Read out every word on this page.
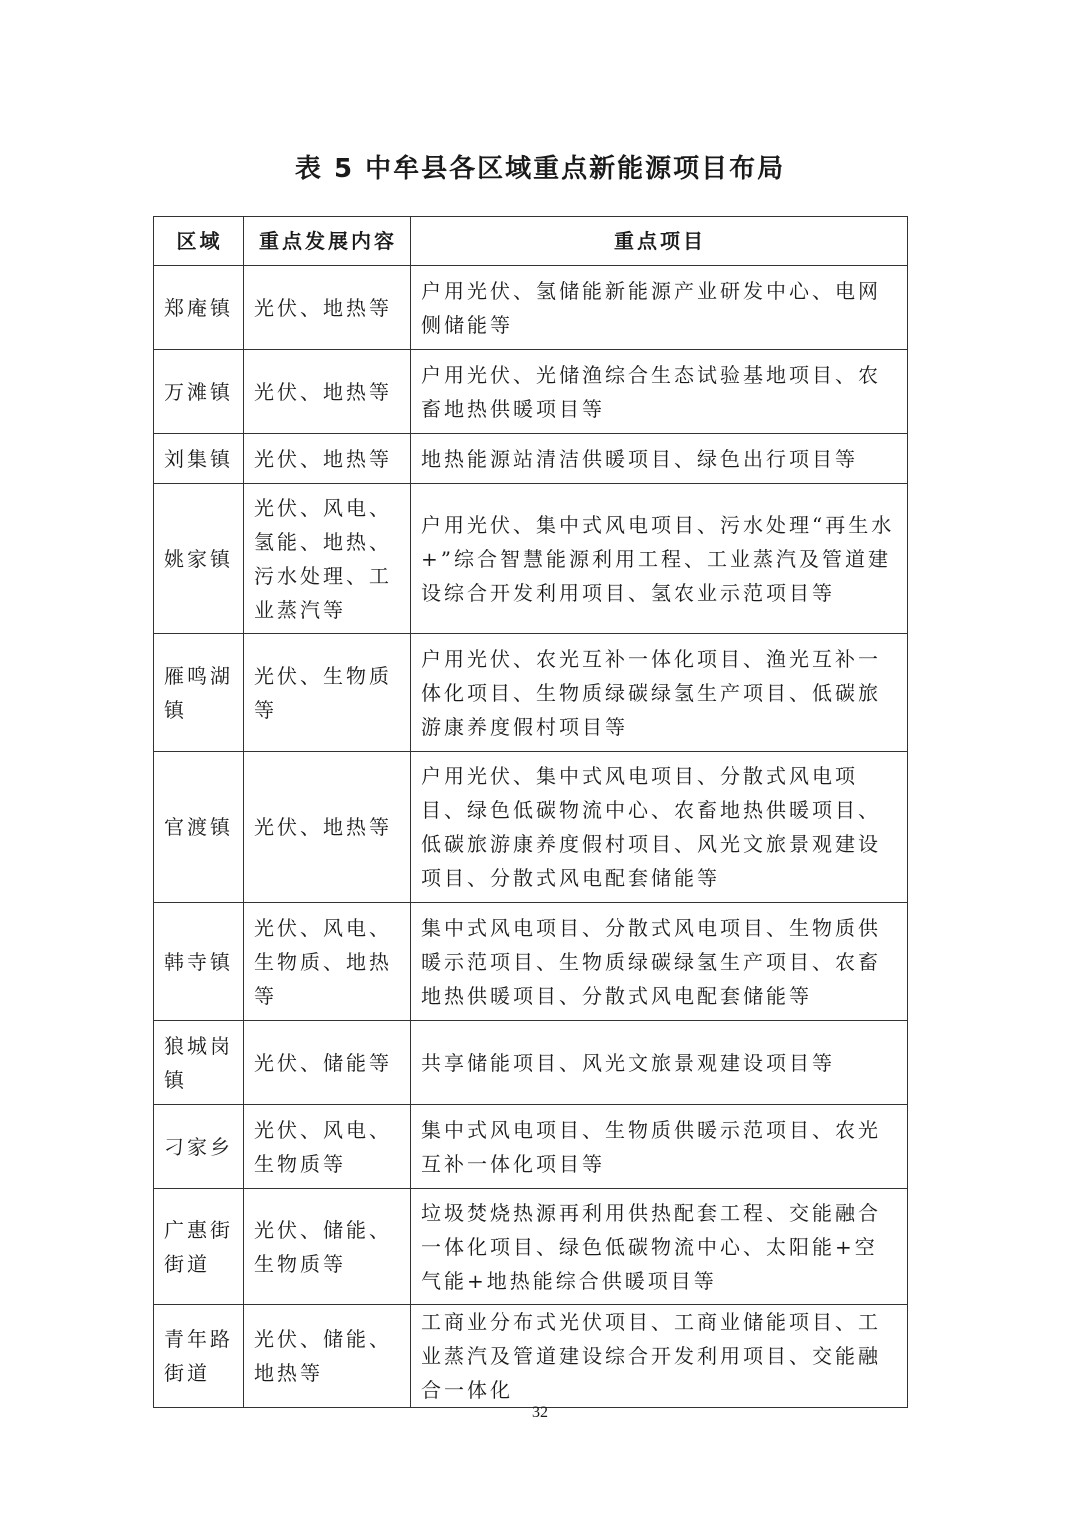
表 5 中牟县各区域重点新能源项目布局
区域	重点发展内容	重点项目
郑庵镇	光伏、地热等	户用光伏、氢储能新能源产业研发中心、电网侧储能等
万滩镇	光伏、地热等	户用光伏、光储渔综合生态试验基地项目、农畜地热供暖项目等
刘集镇	光伏、地热等	地热能源站清洁供暖项目、绿色出行项目等
姚家镇	光伏、风电、氢能、地热、污水处理、工业蒸汽等	户用光伏、集中式风电项目、污水处理“再生水+”综合智慧能源利用工程、工业蒸汽及管道建设综合开发利用项目、氢农业示范项目等
雁鸣湖镇	光伏、生物质等	户用光伏、农光互补一体化项目、渔光互补一体化项目、生物质绿碳绿氢生产项目、低碳旅游康养度假村项目等
官渡镇	光伏、地热等	户用光伏、集中式风电项目、分散式风电项目、绿色低碳物流中心、农畜地热供暖项目、低碳旅游康养度假村项目、风光文旅景观建设项目、分散式风电配套储能等
韩寺镇	光伏、风电、生物质、地热等	集中式风电项目、分散式风电项目、生物质供暖示范项目、生物质绿碳绿氢生产项目、农畜地热供暖项目、分散式风电配套储能等
狼城岗镇	光伏、储能等	共享储能项目、风光文旅景观建设项目等
刁家乡	光伏、风电、生物质等	集中式风电项目、生物质供暖示范项目、农光互补一体化项目等
广惠街街道	光伏、储能、生物质等	垃圾焚烧热源再利用供热配套工程、交能融合一体化项目、绿色低碳物流中心、太阳能+空气能+地热能综合供暖项目等
青年路街道	光伏、储能、地热等	工商业分布式光伏项目、工商业储能项目、工业蒸汽及管道建设综合开发利用项目、交能融合一体化
32
